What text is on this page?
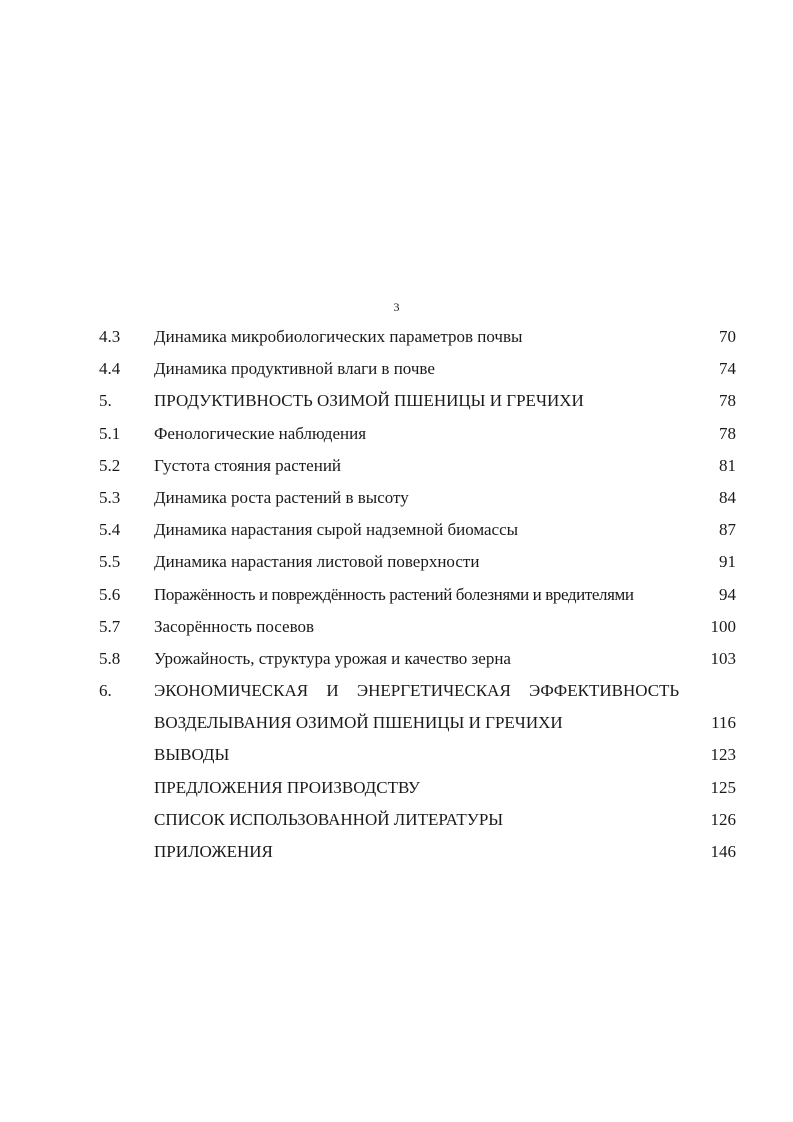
3
4.3	Динамика микробиологических параметров почвы	70
4.4	Динамика продуктивной влаги в почве	74
5.	ПРОДУКТИВНОСТЬ ОЗИМОЙ ПШЕНИЦЫ И ГРЕЧИХИ	78
5.1	Фенологические наблюдения	78
5.2	Густота стояния растений	81
5.3	Динамика роста растений в высоту	84
5.4	Динамика нарастания сырой надземной биомассы	87
5.5	Динамика нарастания листовой поверхности	91
5.6	Поражённость и повреждённость растений болезнями и вредителями	94
5.7	Засорённость посевов	100
5.8	Урожайность, структура урожая и качество зерна	103
6.	ЭКОНОМИЧЕСКАЯ И ЭНЕРГЕТИЧЕСКАЯ ЭФФЕКТИВНОСТЬ
ВОЗДЕЛЫВАНИЯ ОЗИМОЙ ПШЕНИЦЫ И ГРЕЧИХИ	116
ВЫВОДЫ	123
ПРЕДЛОЖЕНИЯ ПРОИЗВОДСТВУ	125
СПИСОК ИСПОЛЬЗОВАННОЙ ЛИТЕРАТУРЫ	126
ПРИЛОЖЕНИЯ	146
